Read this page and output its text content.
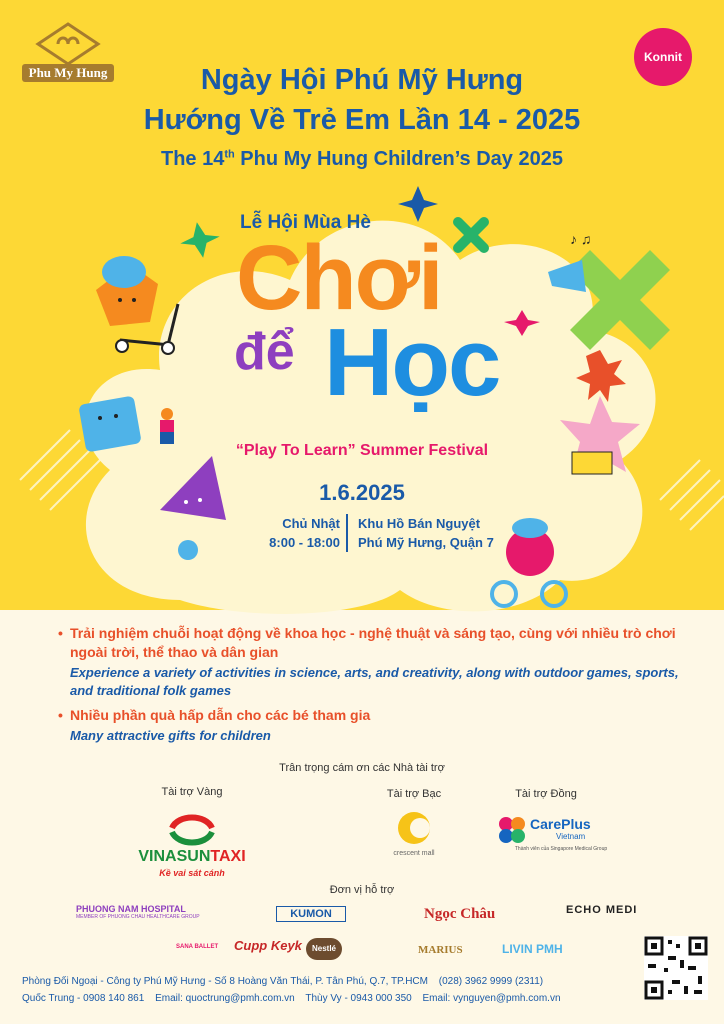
♪ ♫
Phu My Hung
Konnit
Ngày Hội Phú Mỹ Hưng
Hướng Về Trẻ Em Lần 14 - 2025
The 14th Phu My Hung Children’s Day 2025
Lễ Hội Mùa Hè
Chơi
để Học
“Play To Learn” Summer Festival
1.6.2025
Chủ Nhật
8:00 - 18:00
Khu Hồ Bán Nguyệt
Phú Mỹ Hưng, Quận 7
• Trải nghiệm chuỗi hoạt động về khoa học - nghệ thuật và sáng tạo, cùng với nhiều trò chơi ngoài trời, thể thao và dân gian
Experience a variety of activities in science, arts, and creativity, along with outdoor games, sports, and traditional folk games
• Nhiều phần quà hấp dẫn cho các bé tham gia
Many attractive gifts for children
Trân trọng cám ơn các Nhà tài trợ
Tài trợ Vàng	Tài trợ Bạc	Tài trợ Đồng
VINASUNTAXI
Kề vai sát cánh
crescent mall
CarePlus
Vietnam
Thành viên của Singapore Medical Group
Đơn vị hỗ trợ
PHUONG NAM HOSPITAL
MEMBER OF PHUONG CHAU HEALTHCARE GROUP	KUMON	Ngọc Châu	ECHO MEDI
SANA BALLET Cupp Keyk	Nestlé	MARIUS	LIVIN PMH
Phòng Đối Ngoại - Công ty Phú Mỹ Hưng - Số 8 Hoàng Văn Thái, P. Tân Phú, Q.7, TP.HCM (028) 3962 9999 (2311)
Quốc Trung - 0908 140 861 Email: quoctrung@pmh.com.vn Thùy Vy - 0943 000 350 Email: vynguyen@pmh.com.vn
